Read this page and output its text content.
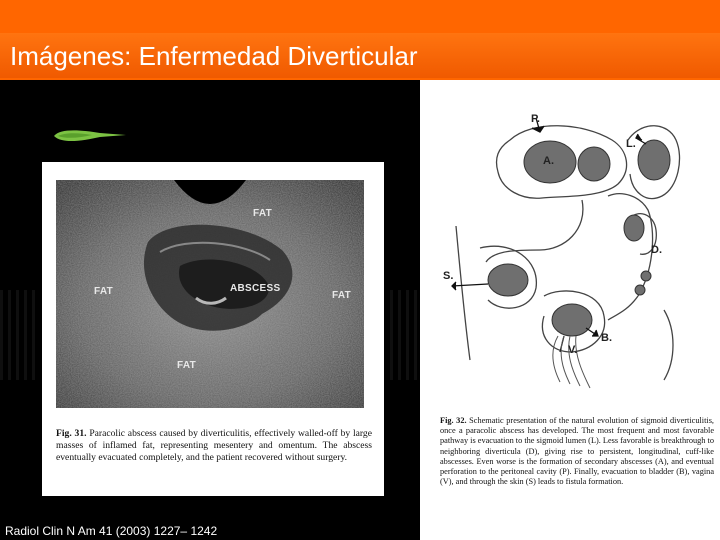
Imágenes: Enfermedad Diverticular
FAT
FAT	ABSCESS
FAT
FAT

Fig. 31. Paracolic abscess caused by diverticulitis, effectively walled-off by large masses of inflamed fat, representing mesentery and omentum. The abscess eventually evacuated completely, and the patient recovered without surgery.

Radiol Clin N Am 41 (2003) 1227– 1242

P.
A.
L.
D.
S.
B.
V.

Fig. 32. Schematic presentation of the natural evolution of sigmoid diverticulitis, once a paracolic abscess has developed. The most frequent and most favorable pathway is evacuation to the sigmoid lumen (L). Less favorable is breakthrough to neighboring diverticula (D), giving rise to persistent, longitudinal, cuff-like abscesses. Even worse is the formation of secondary abscesses (A), and eventual perforation to the peritoneal cavity (P). Finally, evacuation to bladder (B), vagina (V), and through the skin (S) leads to fistula formation.
